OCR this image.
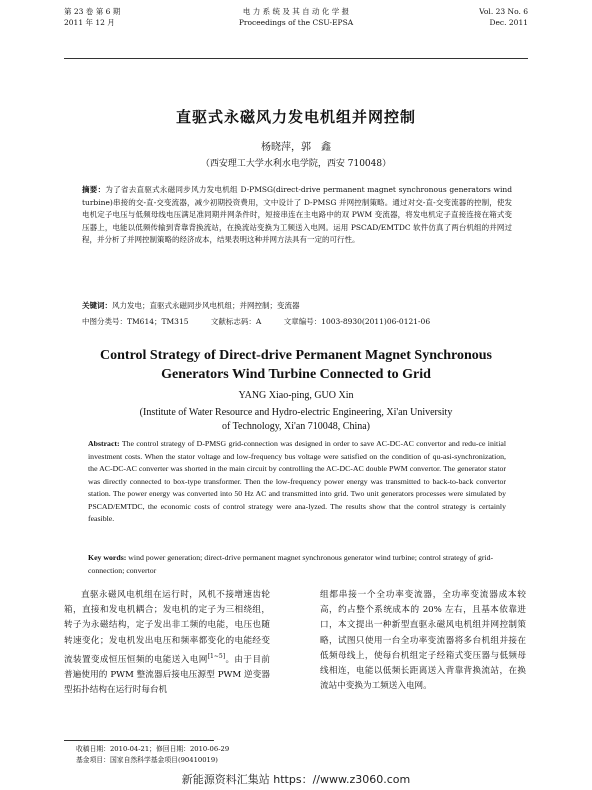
第 23 卷 第 6 期
2011 年 12 月
电 力 系 统 及 其 自 动 化 学 报
Proceedings of the CSU-EPSA
Vol. 23 No. 6
Dec. 2011
直驱式永磁风力发电机组并网控制
杨晓萍，郭　鑫
（西安理工大学水利水电学院，西安 710048）
摘要：为了省去直驱式永磁同步风力发电机组 D-PMSG(direct-drive permanent magnet synchronous generators wind turbine)串接的交-直-交变流器，减少初期投资费用，文中设计了 D-PMSG 并网控制策略。通过对交-直-交变流器的控制，使发电机定子电压与低频母线电压满足准同期并网条件时，短接串连在主电路中的双 PWM 变流器，将发电机定子直接连接在箱式变压器上，电能以低频传输到背靠背换流站，在换流站变换为工频送入电网。运用 PSCAD/EMTDC 软件仿真了两台机组的并网过程，并分析了并网控制策略的经济成本，结果表明这种并网方法具有一定的可行性。
关键词：风力发电；直驱式永磁同步风电机组；并网控制；变流器
中图分类号：TM614；TM315	文献标志码：A	文章编号：1003-8930(2011)06-0121-06
Control Strategy of Direct-drive Permanent Magnet Synchronous
Generators Wind Turbine Connected to Grid
YANG Xiao-ping, GUO Xin
(Institute of Water Resource and Hydro-electric Engineering, Xi'an University
of Technology, Xi'an 710048, China)
Abstract: The control strategy of D-PMSG grid-connection was designed in order to save AC-DC-AC convertor and redu-ce initial investment costs. When the stator voltage and low-frequency bus voltage were satisfied on the condition of qu-asi-synchronization, the AC-DC-AC converter was shorted in the main circuit by controlling the AC-DC-AC double PWM convertor. The generator stator was directly connected to box-type transformer. Then the low-frequency power energy was transmitted to back-to-back convertor station. The power energy was converted into 50 Hz AC and transmitted into grid. Two unit generators processes were simulated by PSCAD/EMTDC, the economic costs of control strategy were ana-lyzed. The results show that the control strategy is certainly feasible.
Key words: wind power generation; direct-drive permanent magnet synchronous generator wind turbine; control strategy of grid-connection; convertor
直驱永磁风电机组在运行时，风机不接增速齿轮箱，直接和发电机耦合；发电机的定子为三相绕组，转子为永磁结构，定子发出非工频的电能，电压也随转速变化；发电机发出电压和频率都变化的电能经变流装置变成恒压恒频的电能送入电网[1~5]。由于目前普遍使用的 PWM 整流器后接电压源型 PWM 逆变器型拓扑结构在运行时每台机
组都串接一个全功率变流器，全功率变流器成本较高，约占整个系统成本的 20% 左右，且基本依靠进口，本文提出一种新型直驱永磁风电机组并网控制策略，试图只使用一台全功率变流器将多台机组并接在低频母线上，使每台机组定子经箱式变压器与低频母线相连，电能以低频长距离送入背靠背换流站，在换流站中变换为工频送入电网。
收稿日期：2010-04-21；修回日期：2010-06-29
基金项目：国家自然科学基金项目(90410019)
新能源资料汇集站 https：//www.z3060.com
